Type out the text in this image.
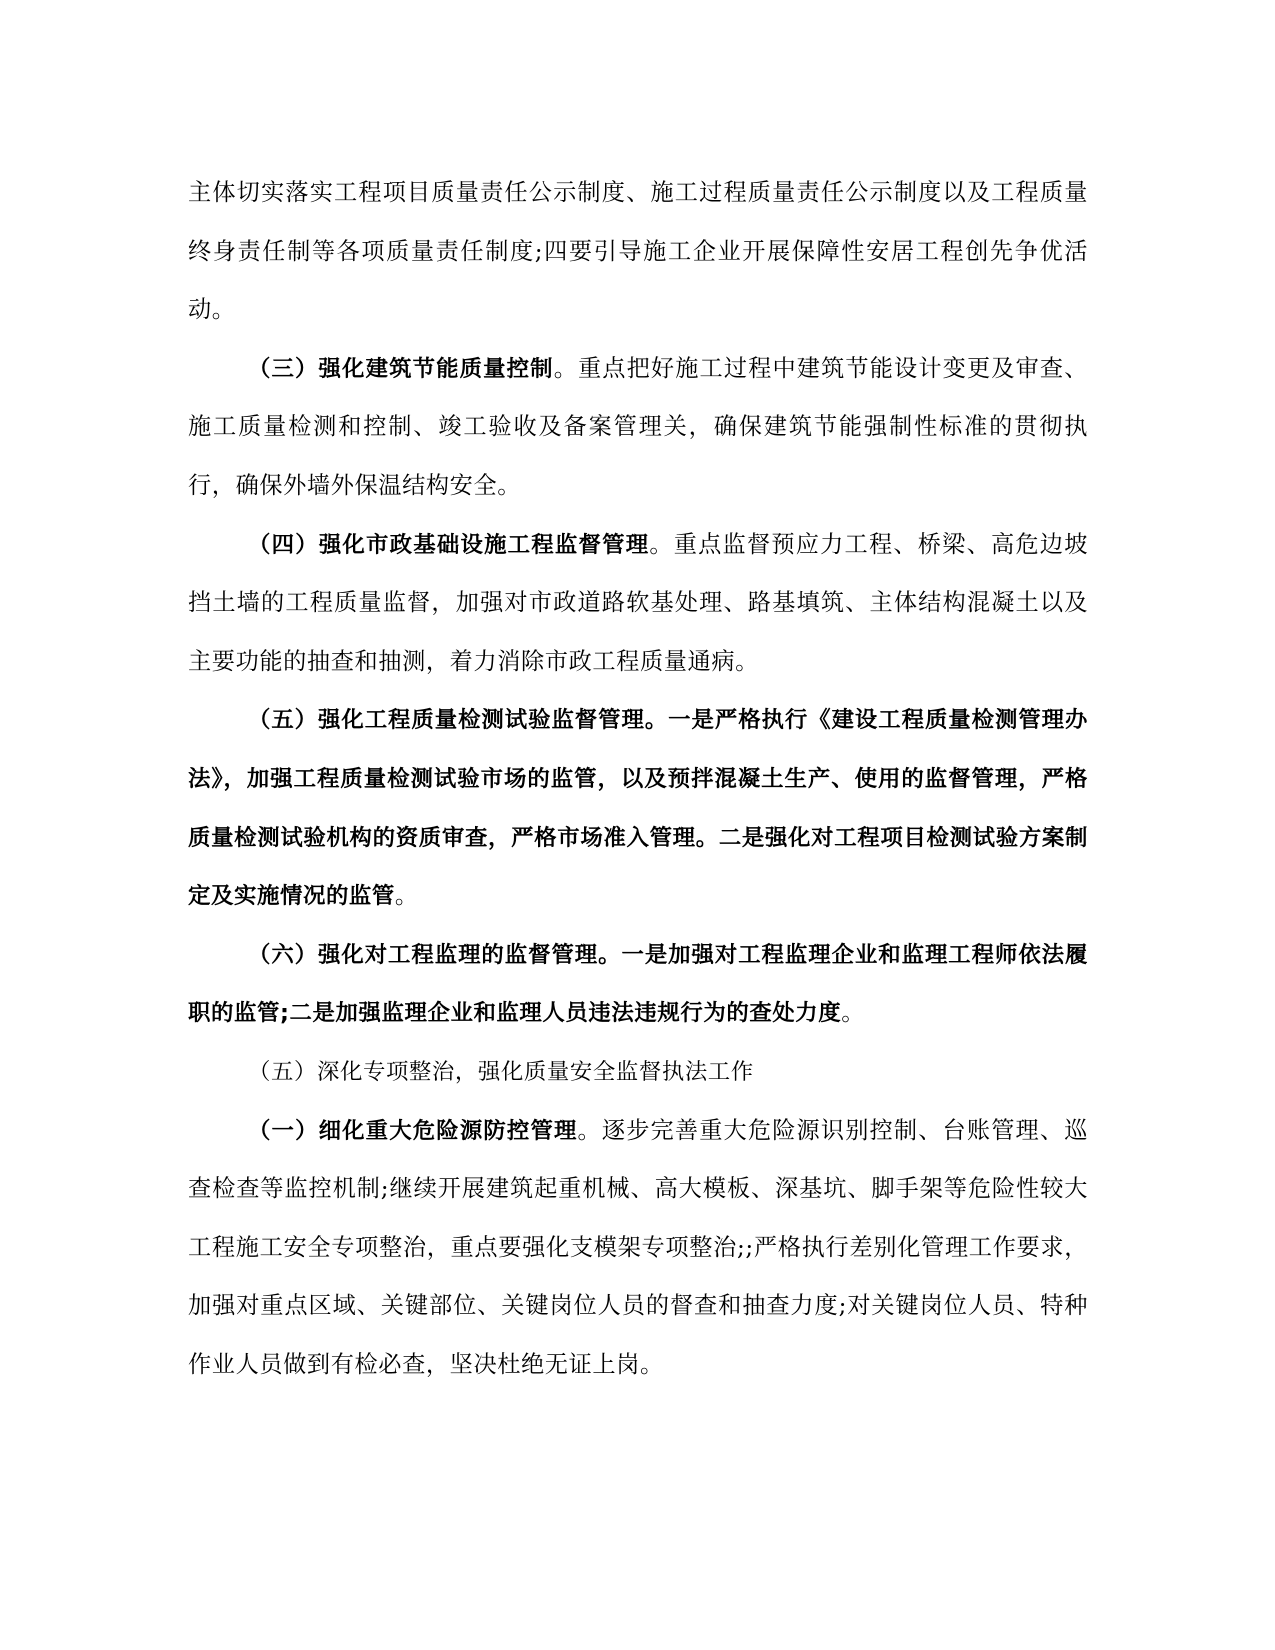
主体切实落实工程项目质量责任公示制度、施工过程质量责任公示制度以及工程质量终身责任制等各项质量责任制度;四要引导施工企业开展保障性安居工程创先争优活动。

（三）强化建筑节能质量控制。重点把好施工过程中建筑节能设计变更及审查、施工质量检测和控制、竣工验收及备案管理关，确保建筑节能强制性标准的贯彻执行，确保外墙外保温结构安全。

（四）强化市政基础设施工程监督管理。重点监督预应力工程、桥梁、高危边坡挡土墙的工程质量监督，加强对市政道路软基处理、路基填筑、主体结构混凝土以及主要功能的抽查和抽测，着力消除市政工程质量通病。

（五）强化工程质量检测试验监督管理。一是严格执行《建设工程质量检测管理办法》，加强工程质量检测试验市场的监管，以及预拌混凝土生产、使用的监督管理，严格质量检测试验机构的资质审查，严格市场准入管理。二是强化对工程项目检测试验方案制定及实施情况的监管。

（六）强化对工程监理的监督管理。一是加强对工程监理企业和监理工程师依法履职的监管;二是加强监理企业和监理人员违法违规行为的查处力度。

（五）深化专项整治，强化质量安全监督执法工作

（一）细化重大危险源防控管理。逐步完善重大危险源识别控制、台账管理、巡查检查等监控机制;继续开展建筑起重机械、高大模板、深基坑、脚手架等危险性较大工程施工安全专项整治，重点要强化支模架专项整治;;严格执行差别化管理工作要求，加强对重点区域、关键部位、关键岗位人员的督查和抽查力度;对关键岗位人员、特种作业人员做到有检必查，坚决杜绝无证上岗。
